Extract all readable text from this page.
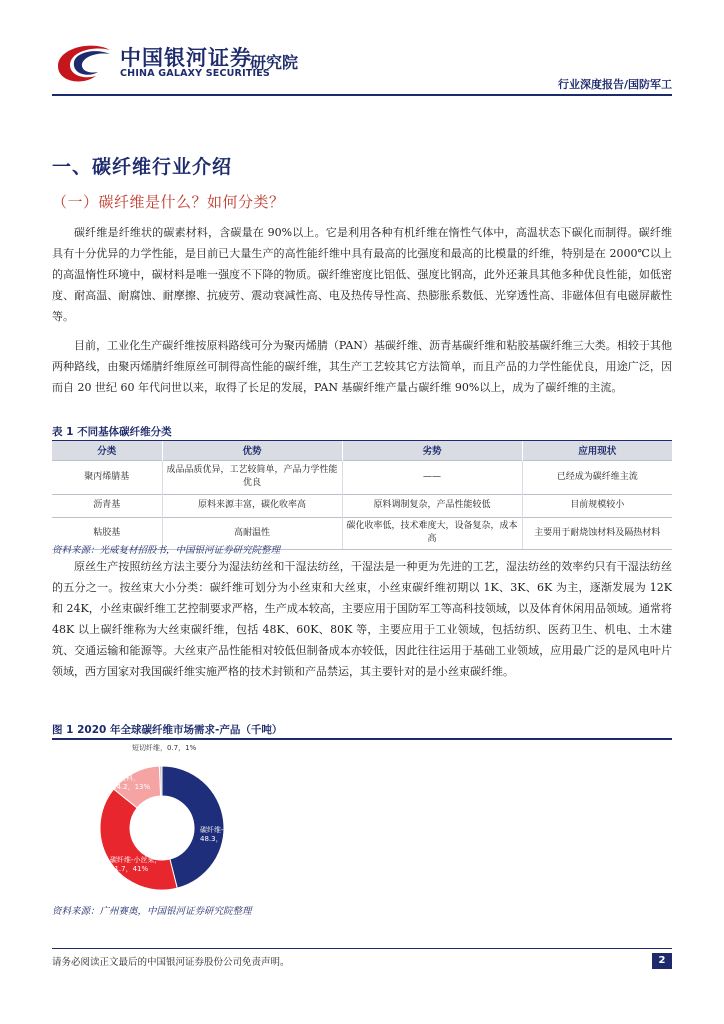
中国银河证券
CHINA GALAXY SECURITIES
研究院
行业深度报告/国防军工
一、碳纤维行业介绍
（一）碳纤维是什么？如何分类？

碳纤维是纤维状的碳素材料，含碳量在 90%以上。它是利用各种有机纤维在惰性气体中，高温状态下碳化而制得。碳纤维具有十分优异的力学性能，是目前已大量生产的高性能纤维中具有最高的比强度和最高的比模量的纤维，特别是在 2000℃以上的高温惰性环境中，碳材料是唯一强度不下降的物质。碳纤维密度比铝低、强度比钢高，此外还兼具其他多种优良性能，如低密度、耐高温、耐腐蚀、耐摩擦、抗疲劳、震动衰减性高、电及热传导性高、热膨胀系数低、光穿透性高、非磁体但有电磁屏蔽性等。

目前，工业化生产碳纤维按原料路线可分为聚丙烯腈（PAN）基碳纤维、沥青基碳纤维和粘胶基碳纤维三大类。相较于其他两种路线，由聚丙烯腈纤维原丝可制得高性能的碳纤维，其生产工艺较其它方法简单，而且产品的力学性能优良，用途广泛，因而自 20 世纪 60 年代问世以来，取得了长足的发展，PAN 基碳纤维产量占碳纤维 90%以上，成为了碳纤维的主流。

表 1 不同基体碳纤维分类
分类	优势	劣势	应用现状
聚丙烯腈基	成品品质优异，工艺较简单，产品力学性能优良	——	已经成为碳纤维主流
沥青基	原料来源丰富，碳化收率高	原料调制复杂，产品性能较低	目前规模较小
粘胶基	高耐温性	碳化收率低，技术难度大，设备复杂，成本高	主要用于耐烧蚀材料及隔热材料
资料来源：光威复材招股书，中国银河证券研究院整理

原丝生产按照纺丝方法主要分为湿法纺丝和干湿法纺丝，干湿法是一种更为先进的工艺，湿法纺丝的效率约只有干湿法纺丝的五分之一。按丝束大小分类：碳纤维可划分为小丝束和大丝束，小丝束碳纤维初期以 1K、3K、6K 为主，逐渐发展为 12K 和 24K，小丝束碳纤维工艺控制要求严格，生产成本较高，主要应用于国防军工等高科技领域，以及体育休闲用品领域。通常将 48K 以上碳纤维称为大丝束碳纤维，包括 48K、60K、80K 等，主要应用于工业领域，包括纺织、医药卫生、机电、土木建筑、交通运输和能源等。大丝束产品性能相对较低但制备成本亦较低，因此往往运用于基础工业领域，应用最广泛的是风电叶片领域，西方国家对我国碳纤维实施严格的技术封锁和产品禁运，其主要针对的是小丝束碳纤维。

图 1 2020 年全球碳纤维市场需求-产品（千吨）
碳纤维-大丝束， 48.3，45%
碳纤维-小丝束， 41.7，41%
预浸料， 14.2，13%
短切纤维，0.7，1%
资料来源：广州赛奥，中国银河证券研究院整理
请务必阅读正文最后的中国银河证券股份公司免责声明。	2
